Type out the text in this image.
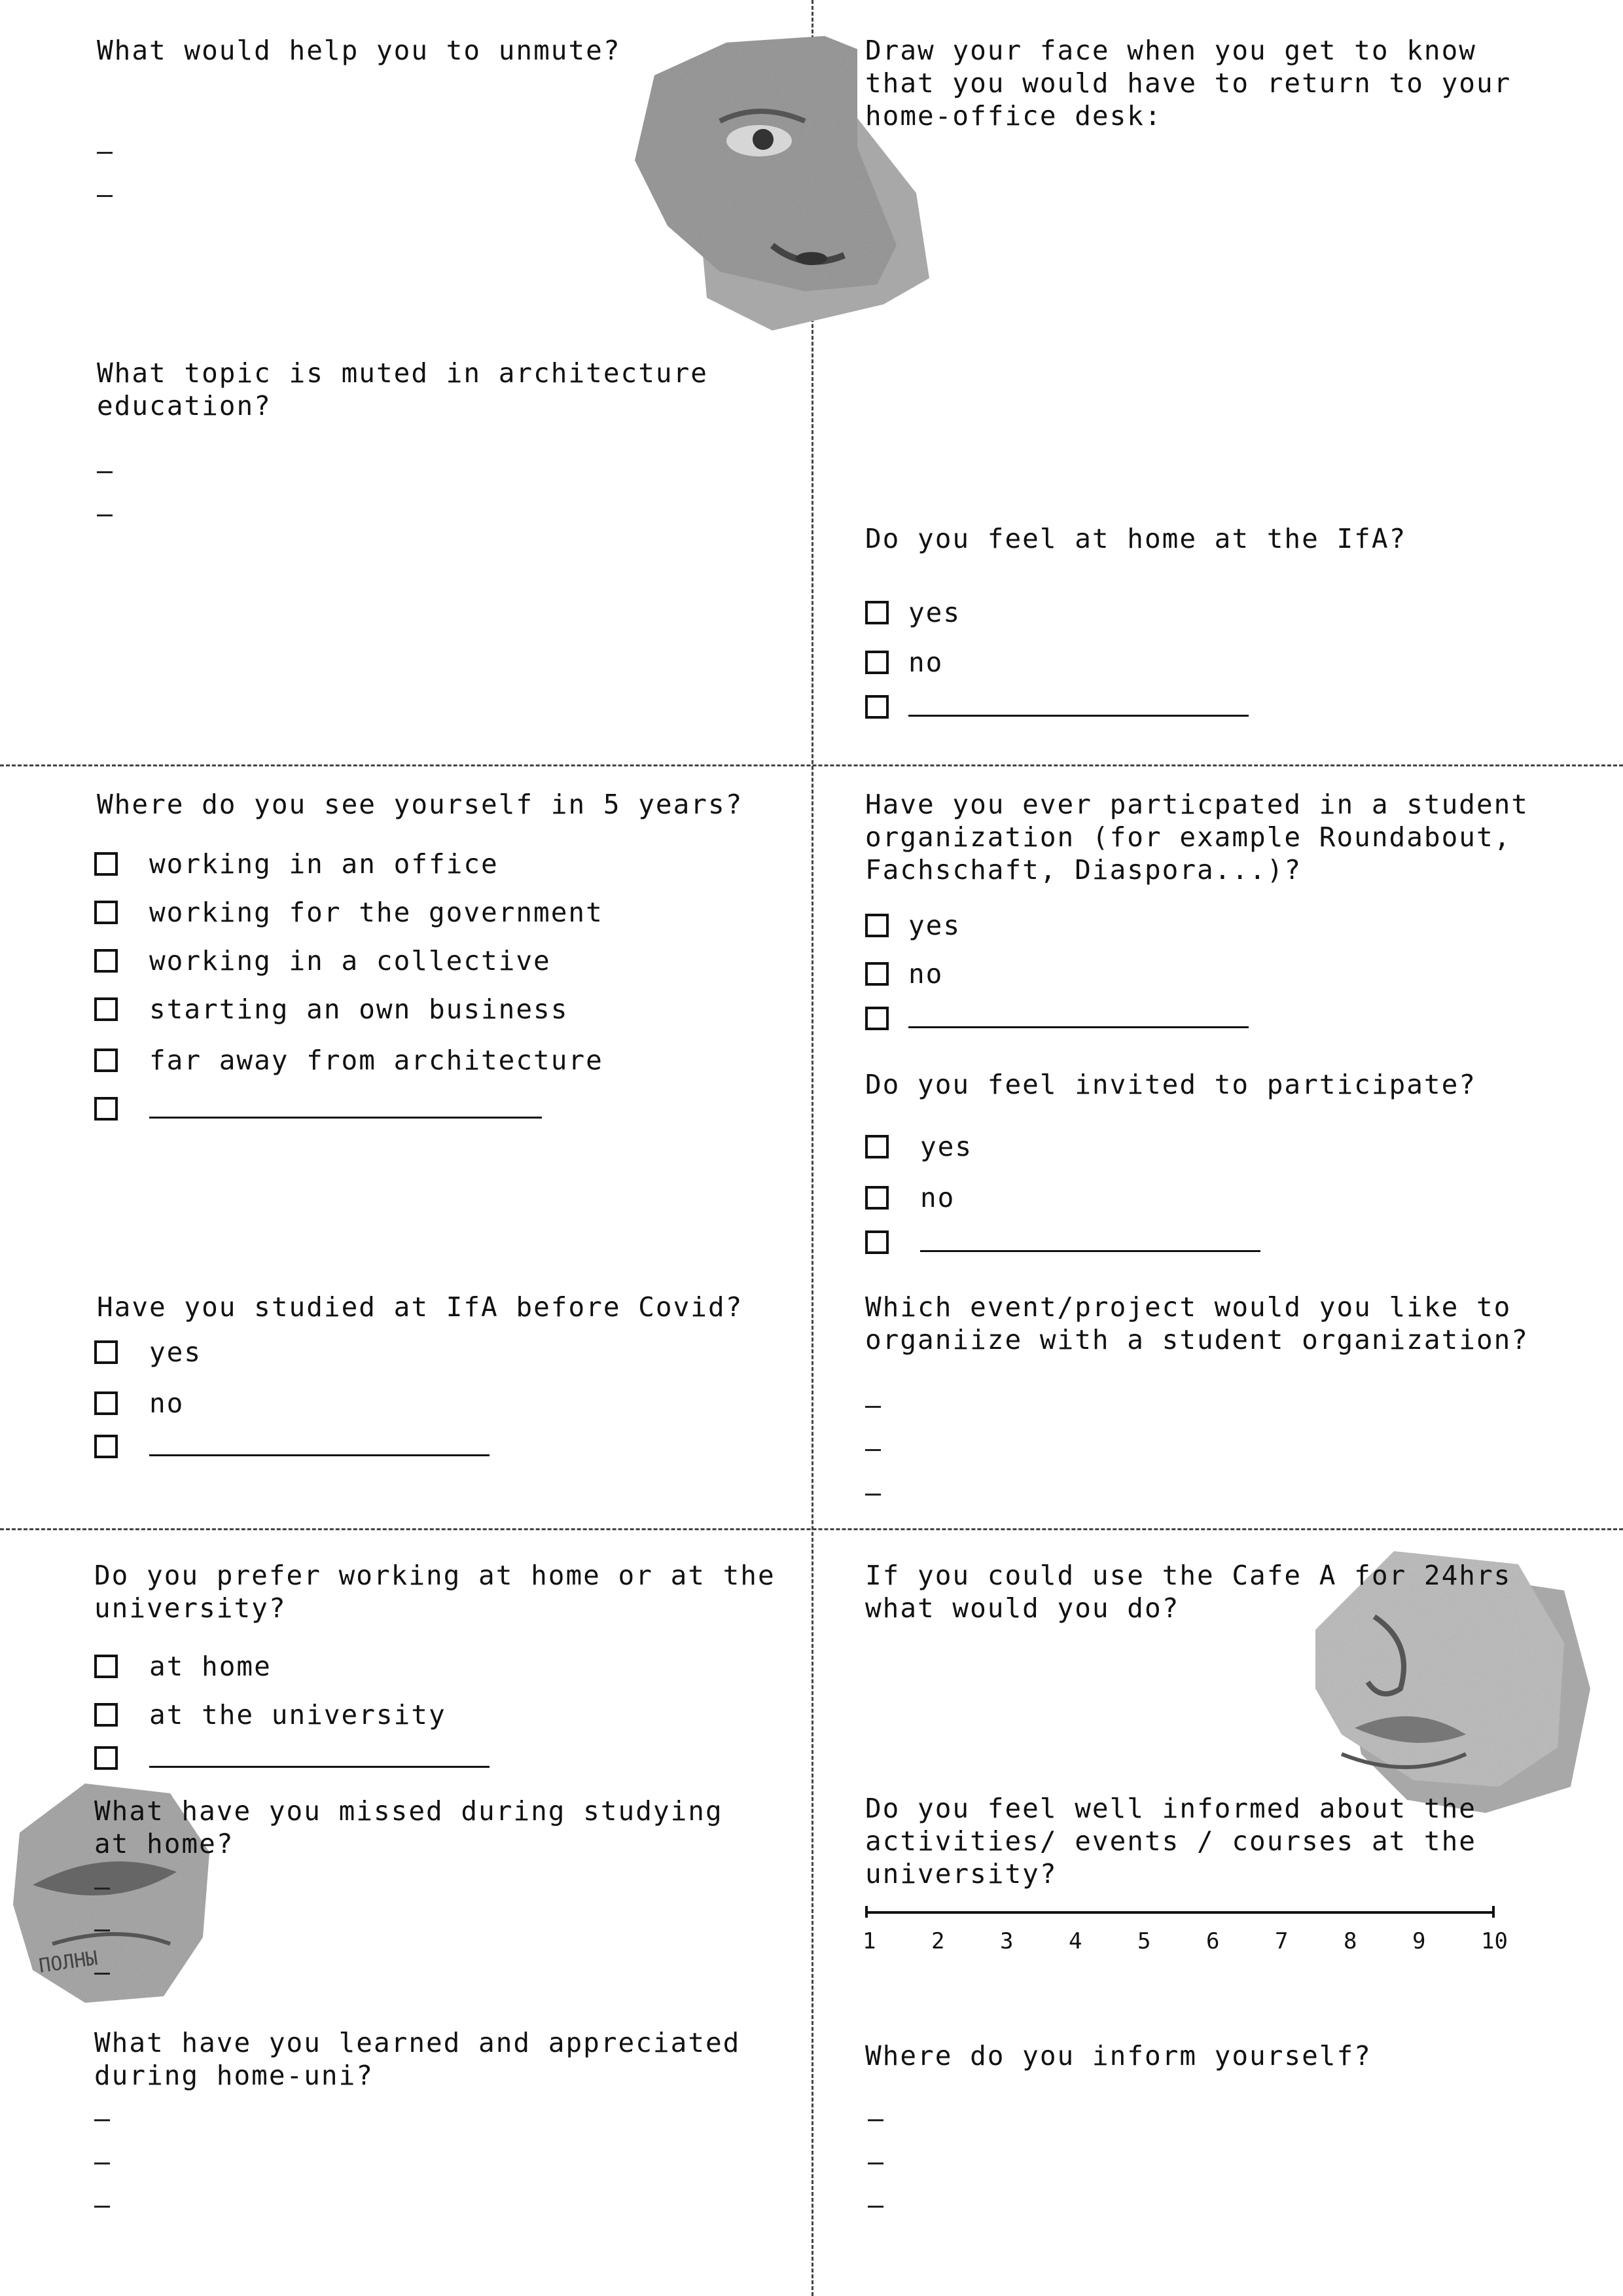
ПОЛНЫ
What would help you to unmute?
What topic is muted in architecture
education?
Draw your face when you get to know
that you would have to return to your
home-office desk:
Do you feel at home at the IfA?
yes
no
Where do you see yourself in 5 years?
working in an office
working for the government
working in a collective
starting an own business
far away from architecture
Have you ever particpated in a student
organization (for example Roundabout,
Fachschaft, Diaspora...)?
yes
no
Do you feel invited to participate?
yes
no
Have you studied at IfA before Covid?
yes
no
Which event/project would you like to
organiize with a student organization?
Do you prefer working at home or at the
university?
at home
at the university
If you could use the Cafe A for 24hrs
what would you do?
What have you missed during studying
at home?
Do you feel well informed about the
activities/ events / courses at the
university?
1 2 3 4 5 6 7 8 9 10
What have you learned and appreciated
during home-uni?
Where do you inform yourself?
